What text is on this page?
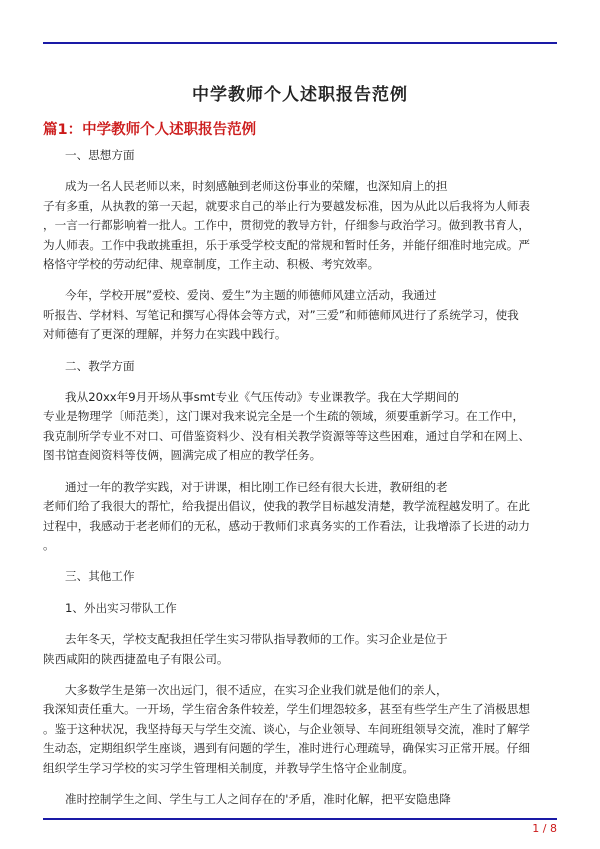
中学教师个人述职报告范例
篇1：中学教师个人述职报告范例
一、思想方面
成为一名人民老师以来，时刻感触到老师这份事业的荣耀，也深知肩上的担
子有多重，从执教的第一天起，就要求自己的举止行为要越发标准，因为从此以后我将为人师表
，一言一行都影响着一批人。工作中，贯彻党的教导方针，仔细参与政治学习。做到教书育人，
为人师表。工作中我敢挑重担，乐于承受学校支配的常规和暂时任务，并能仔细准时地完成。严
格恪守学校的劳动纪律、规章制度，工作主动、积极、考究效率。
今年，学校开展”爱校、爱岗、爱生”为主题的师德师风建立活动，我通过
听报告、学材料、写笔记和撰写心得体会等方式，对”三爱”和师德师风进行了系统学习，使我
对师德有了更深的理解，并努力在实践中践行。
二、教学方面
我从20xx年9月开场从事smt专业《气压传动》专业课教学。我在大学期间的
专业是物理学〔师范类〕，这门课对我来说完全是一个生疏的领域，须要重新学习。在工作中，
我克制所学专业不对口、可借鉴资料少、没有相关教学资源等等这些困难，通过自学和在网上、
图书馆查阅资料等伎俩，圆满完成了相应的教学任务。
通过一年的教学实践，对于讲课，相比刚工作已经有很大长进，教研组的老
老师们给了我很大的帮忙，给我提出倡议，使我的教学目标越发清楚，教学流程越发明了。在此
过程中，我感动于老老师们的无私，感动于教师们求真务实的工作看法，让我增添了长进的动力
。
三、其他工作
1、外出实习带队工作
去年冬天，学校支配我担任学生实习带队指导教师的工作。实习企业是位于
陕西咸阳的陕西捷盈电子有限公司。
大多数学生是第一次出远门，很不适应，在实习企业我们就是他们的亲人，
我深知责任重大。一开场，学生宿舍条件较差，学生们埋怨较多，甚至有些学生产生了消极思想
。鉴于这种状况，我坚持每天与学生交流、谈心，与企业领导、车间班组领导交流，准时了解学
生动态，定期组织学生座谈，遇到有问题的学生，准时进行心理疏导，确保实习正常开展。仔细
组织学生学习学校的实习学生管理相关制度，并教导学生恪守企业制度。
准时控制学生之间、学生与工人之间存在的'矛盾，准时化解，把平安隐患降
1 / 8
